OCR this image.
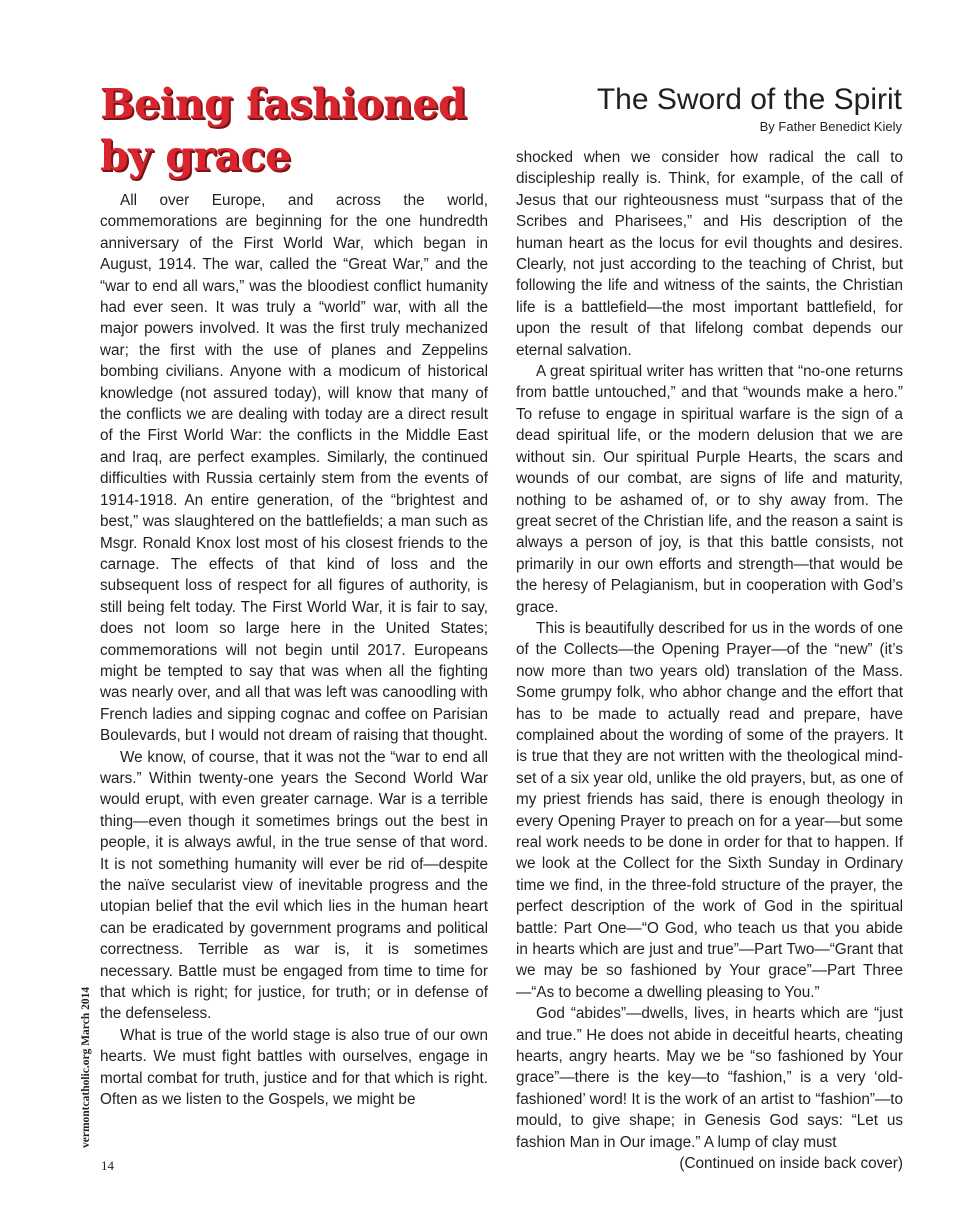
Being fashioned
by grace
The Sword of the Spirit
By Father Benedict Kiely

All over Europe, and across the world, commemorations are beginning for the one hundredth anniversary of the First World War, which began in August, 1914. The war, called the “Great War,” and the “war to end all wars,” was the bloodiest conflict humanity had ever seen. It was truly a “world” war, with all the major powers involved. It was the first truly mechanized war; the first with the use of planes and Zeppelins bombing civilians. Anyone with a modicum of historical knowledge (not assured today), will know that many of the conflicts we are dealing with today are a direct result of the First World War: the conflicts in the Middle East and Iraq, are perfect examples. Similarly, the continued difficulties with Russia certainly stem from the events of 1914-1918. An entire generation, of the “brightest and best,” was slaughtered on the battlefields; a man such as Msgr. Ronald Knox lost most of his closest friends to the carnage. The effects of that kind of loss and the subsequent loss of respect for all figures of authority, is still being felt today. The First World War, it is fair to say, does not loom so large here in the United States; commemorations will not begin until 2017. Europeans might be tempted to say that was when all the fighting was nearly over, and all that was left was canoodling with French ladies and sipping cognac and coffee on Parisian Boulevards, but I would not dream of raising that thought.

We know, of course, that it was not the “war to end all wars.” Within twenty-one years the Second World War would erupt, with even greater carnage. War is a terrible thing—even though it sometimes brings out the best in people, it is always awful, in the true sense of that word. It is not something humanity will ever be rid of—despite the naïve secularist view of inevitable progress and the utopian belief that the evil which lies in the human heart can be eradicated by government programs and political correctness. Terrible as war is, it is sometimes necessary. Battle must be engaged from time to time for that which is right; for justice, for truth; or in defense of the defenseless.

What is true of the world stage is also true of our own hearts. We must fight battles with ourselves, engage in mortal combat for truth, justice and for that which is right. Often as we listen to the Gospels, we might be

shocked when we consider how radical the call to discipleship really is. Think, for example, of the call of Jesus that our righteousness must “surpass that of the Scribes and Pharisees,” and His description of the human heart as the locus for evil thoughts and desires. Clearly, not just according to the teaching of Christ, but following the life and witness of the saints, the Christian life is a battlefield—the most important battlefield, for upon the result of that lifelong combat depends our eternal salvation.

A great spiritual writer has written that “no-one returns from battle untouched,” and that “wounds make a hero.” To refuse to engage in spiritual warfare is the sign of a dead spiritual life, or the modern delusion that we are without sin. Our spiritual Purple Hearts, the scars and wounds of our combat, are signs of life and maturity, nothing to be ashamed of, or to shy away from. The great secret of the Christian life, and the reason a saint is always a person of joy, is that this battle consists, not primarily in our own efforts and strength—that would be the heresy of Pelagianism, but in cooperation with God’s grace.

This is beautifully described for us in the words of one of the Collects—the Opening Prayer—of the “new” (it’s now more than two years old) translation of the Mass. Some grumpy folk, who abhor change and the effort that has to be made to actually read and prepare, have complained about the wording of some of the prayers. It is true that they are not written with the theological mind-set of a six year old, unlike the old prayers, but, as one of my priest friends has said, there is enough theology in every Opening Prayer to preach on for a year—but some real work needs to be done in order for that to happen. If we look at the Collect for the Sixth Sunday in Ordinary time we find, in the three-fold structure of the prayer, the perfect description of the work of God in the spiritual battle: Part One—“O God, who teach us that you abide in hearts which are just and true”—Part Two—“Grant that we may be so fashioned by Your grace”—Part Three—“As to become a dwelling pleasing to You.”

God “abides”—dwells, lives, in hearts which are “just and true.” He does not abide in deceitful hearts, cheating hearts, angry hearts. May we be “so fashioned by Your grace”—there is the key—to “fashion,” is a very ‘old-fashioned’ word! It is the work of an artist to “fashion”—to mould, to give shape; in Genesis God says: “Let us fashion Man in Our image.” A lump of clay must

(Continued on inside back cover)

vermontcatholic.org March 2014
14
